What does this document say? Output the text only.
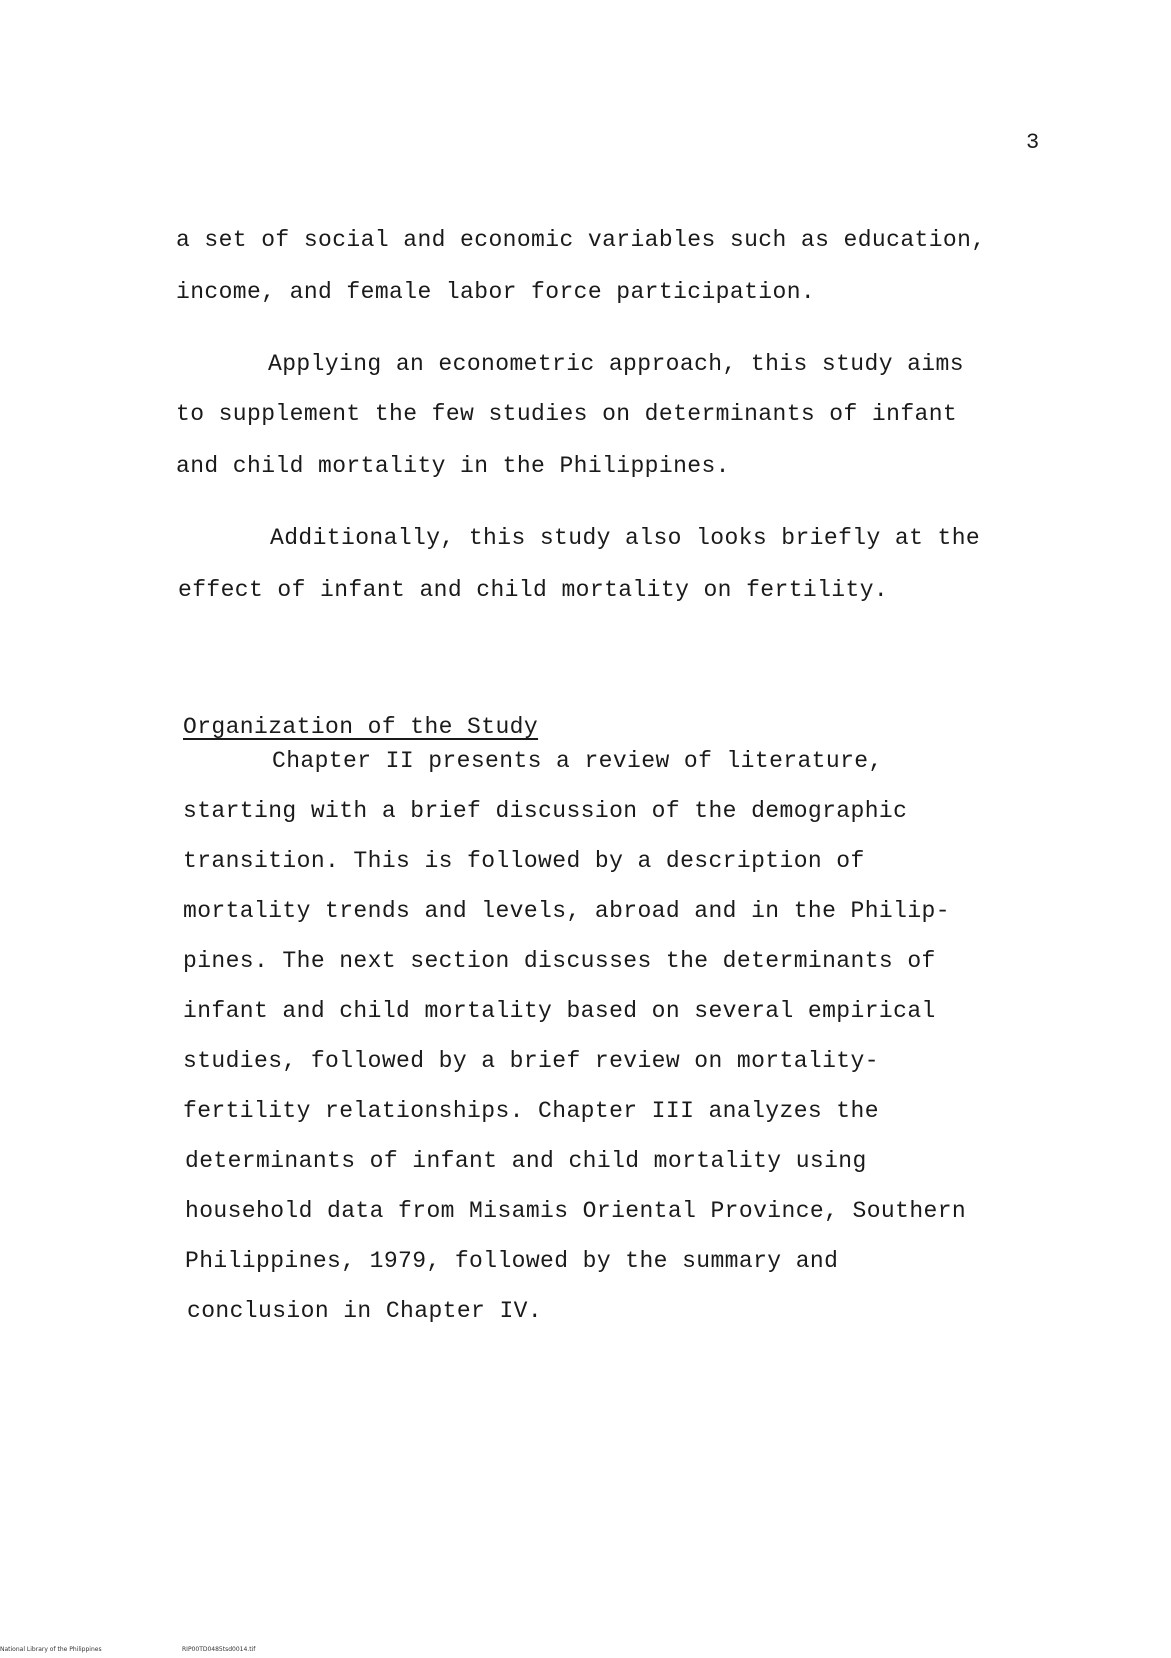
3
a set of social and economic variables such as education,
income, and female labor force participation.
Applying an econometric approach, this study aims
to supplement the few studies on determinants of infant
and child mortality in the Philippines.
Additionally, this study also looks briefly at the
effect of infant and child mortality on fertility.
Organization of the Study
Chapter II presents a review of literature,
starting with a brief discussion of the demographic
transition. This is followed by a description of
mortality trends and levels, abroad and in the Philip-
pines. The next section discusses the determinants of
infant and child mortality based on several empirical
studies, followed by a brief review on mortality-
fertility relationships. Chapter III analyzes the
determinants of infant and child mortality using
household data from Misamis Oriental Province, Southern
Philippines, 1979, followed by the summary and
conclusion in Chapter IV.
National Library of the Philippines	RIP00TD0485tsd0014.tif
